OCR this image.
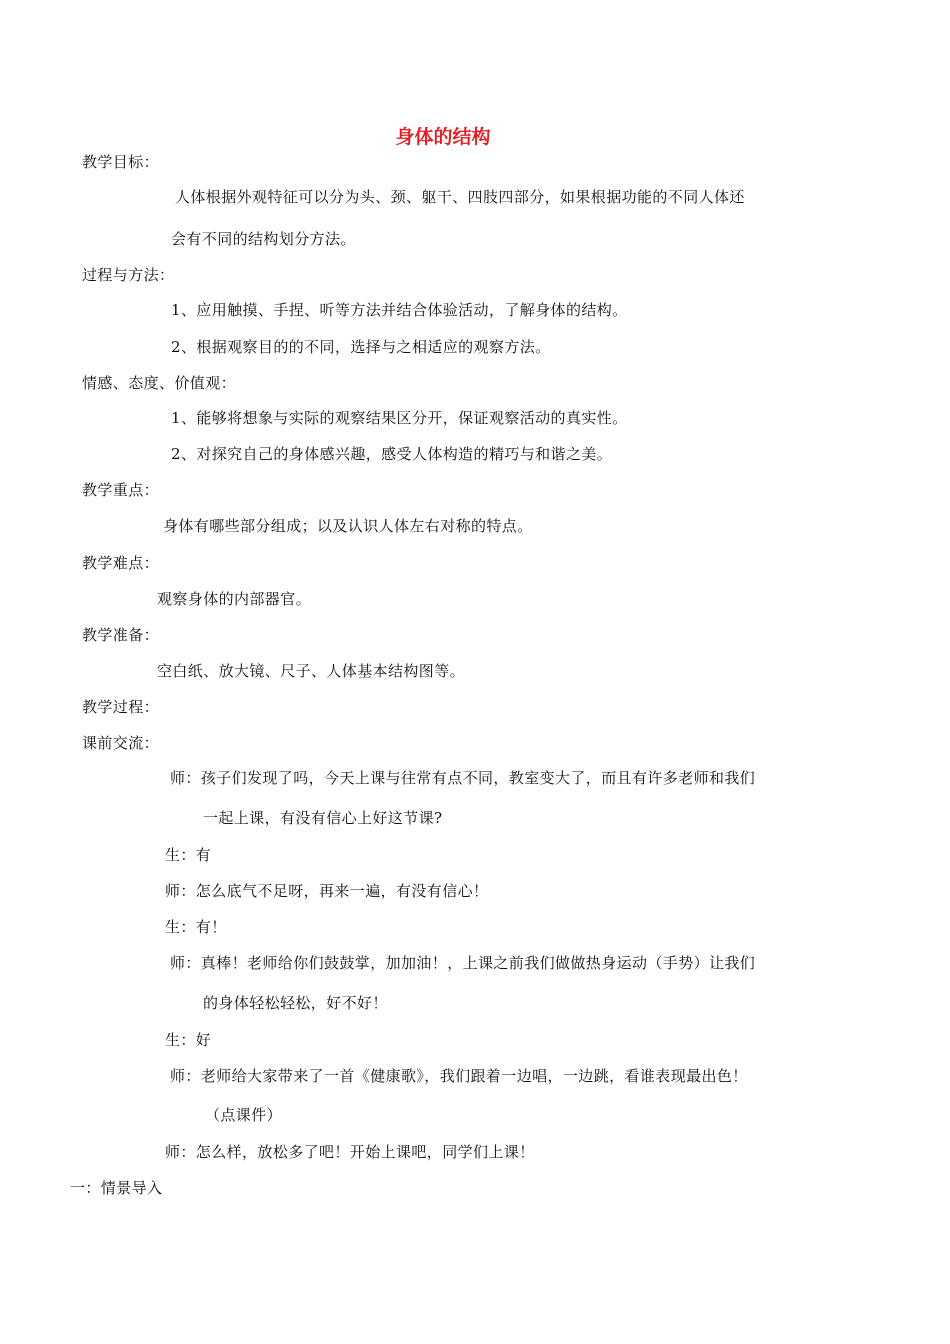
身体的结构
教学目标：
人体根据外观特征可以分为头、颈、躯干、四肢四部分，如果根据功能的不同人体还
会有不同的结构划分方法。
过程与方法：
1、应用触摸、手捏、听等方法并结合体验活动，了解身体的结构。
2、根据观察目的的不同，选择与之相适应的观察方法。
情感、态度、价值观：
1、能够将想象与实际的观察结果区分开，保证观察活动的真实性。
2、对探究自己的身体感兴趣，感受人体构造的精巧与和谐之美。
教学重点：
身体有哪些部分组成；以及认识人体左右对称的特点。
教学难点：
观察身体的内部器官。
教学准备：
空白纸、放大镜、尺子、人体基本结构图等。
教学过程：
课前交流：
师：孩子们发现了吗，今天上课与往常有点不同，教室变大了，而且有许多老师和我们
一起上课，有没有信心上好这节课?
生：有
师：怎么底气不足呀，再来一遍，有没有信心！
生：有！
师：真棒！老师给你们鼓鼓掌，加加油！，上课之前我们做做热身运动（手势）让我们
的身体轻松轻松，好不好！
生：好
师：老师给大家带来了一首《健康歌》，我们跟着一边唱，一边跳，看谁表现最出色！
（点课件）
师：怎么样，放松多了吧！开始上课吧，同学们上课！
一：情景导入
